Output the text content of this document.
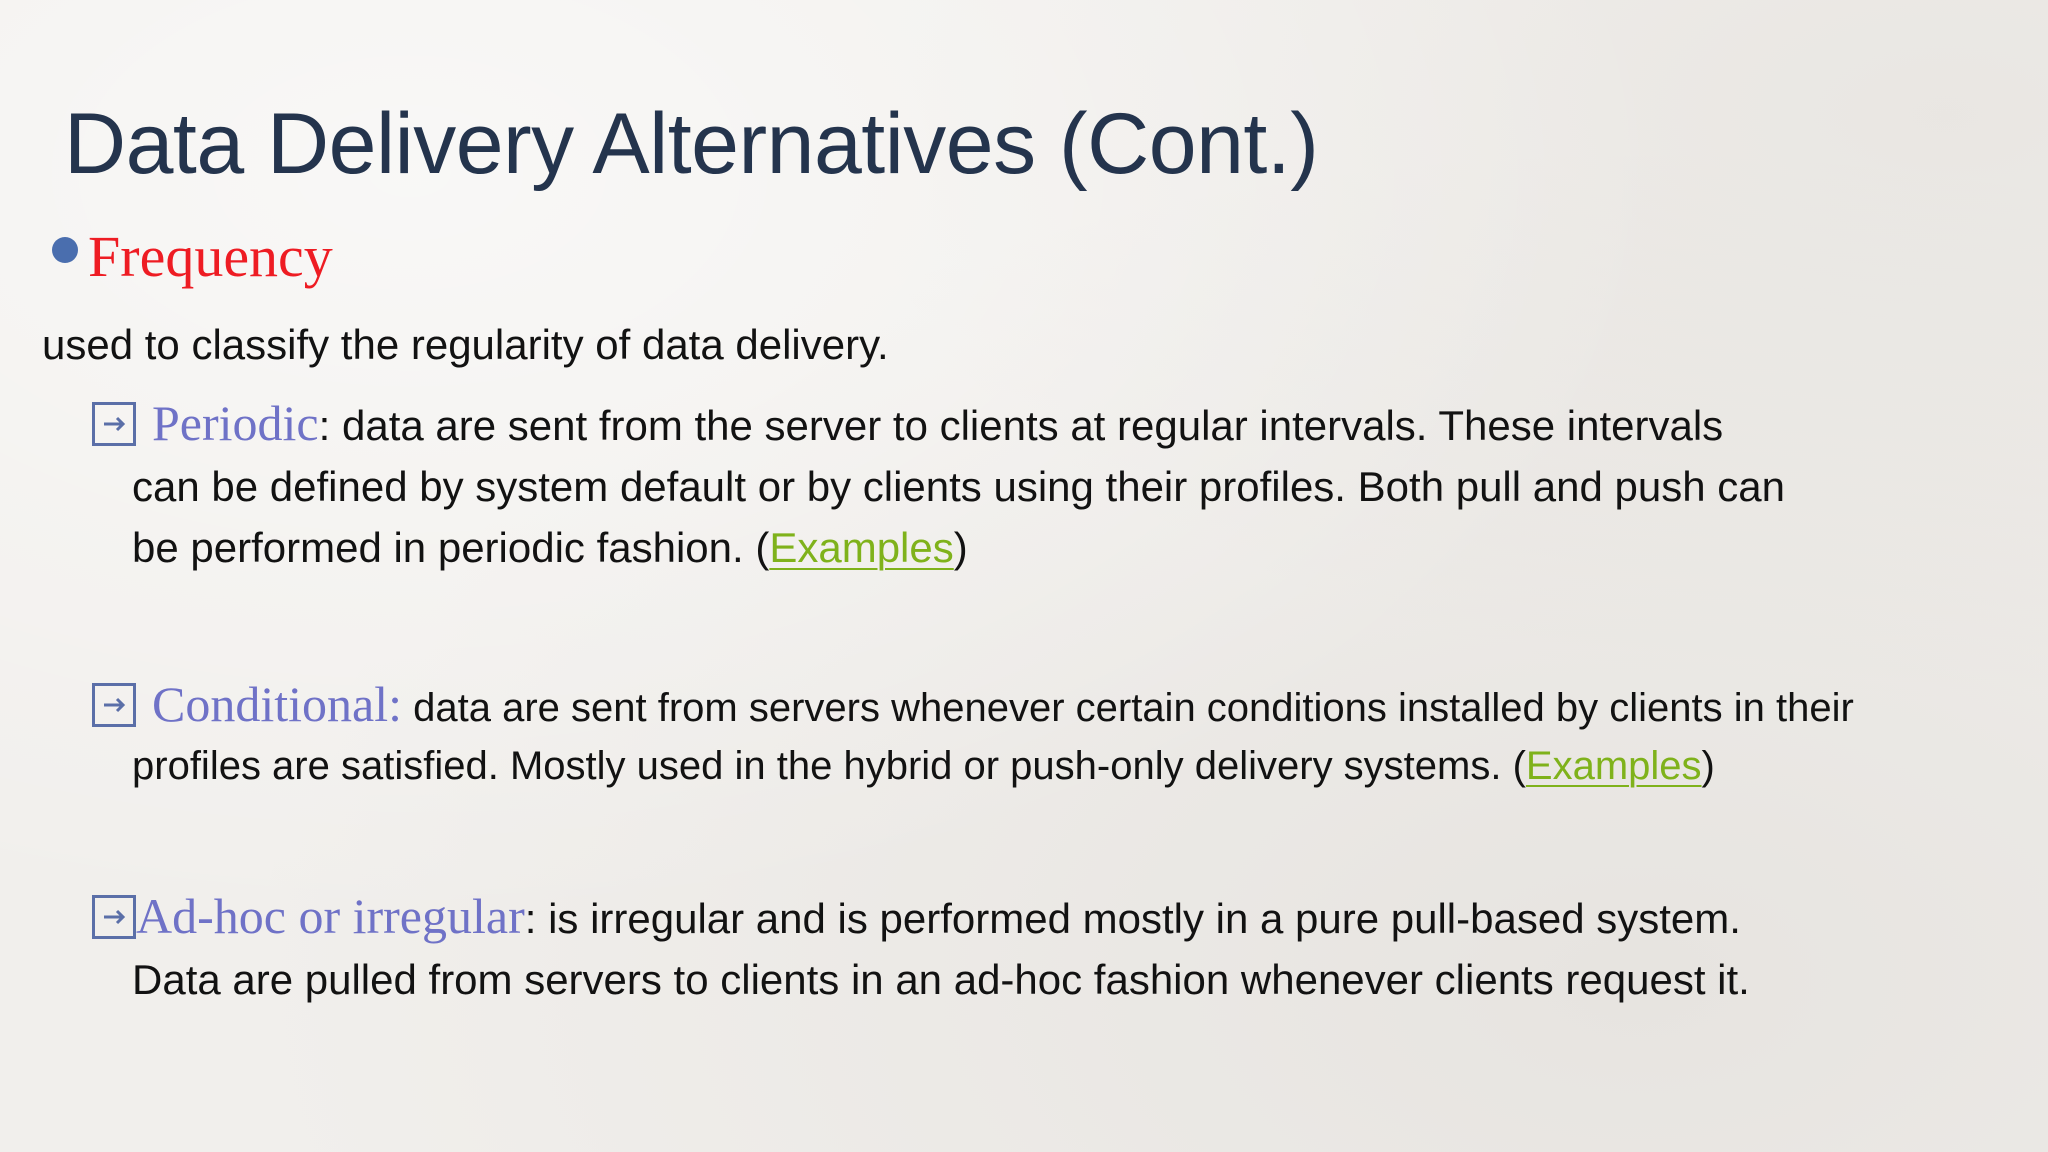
Data Delivery Alternatives (Cont.)
Frequency
used to classify the regularity of data delivery.
Periodic: data are sent from the server to clients at regular intervals. These intervals
can be defined by system default or by clients using their profiles. Both pull and push can
be performed in periodic fashion. (Examples)
Conditional: data are sent from servers whenever certain conditions installed by clients in their
profiles are satisfied. Mostly used in the hybrid or push-only delivery systems. (Examples)
Ad-hoc or irregular: is irregular and is performed mostly in a pure pull-based system.
Data are pulled from servers to clients in an ad-hoc fashion whenever clients request it.
